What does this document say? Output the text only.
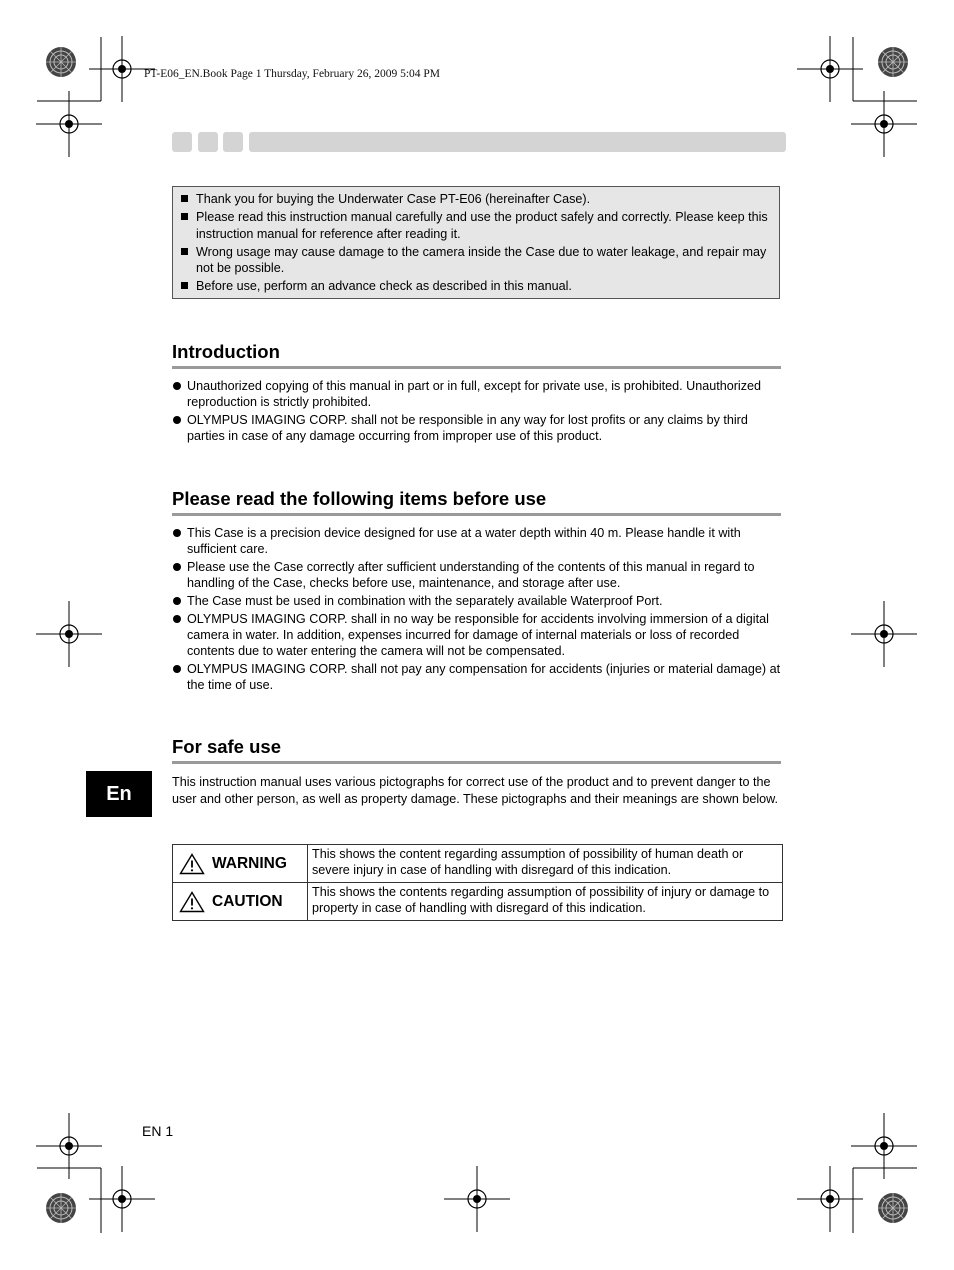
PT-E06_EN.Book Page 1 Thursday, February 26, 2009 5:04 PM
Thank you for buying the Underwater Case PT-E06 (hereinafter Case).
Please read this instruction manual carefully and use the product safely and correctly. Please keep this instruction manual for reference after reading it.
Wrong usage may cause damage to the camera inside the Case due to water leakage, and repair may not be possible.
Before use, perform an advance check as described in this manual.
Introduction
Unauthorized copying of this manual in part or in full, except for private use, is prohibited. Unauthorized reproduction is strictly prohibited.
OLYMPUS IMAGING CORP. shall not be responsible in any way for lost profits or any claims by third parties in case of any damage occurring from improper use of this product.
Please read the following items before use
This Case is a precision device designed for use at a water depth within 40 m. Please handle it with sufficient care.
Please use the Case correctly after sufficient understanding of the contents of this manual in regard to handling of the Case, checks before use, maintenance, and storage after use.
The Case must be used in combination with the separately available Waterproof Port.
OLYMPUS IMAGING CORP. shall in no way be responsible for accidents involving immersion of a digital camera in water. In addition, expenses incurred for damage of internal materials or loss of recorded contents due to water entering the camera will not be compensated.
OLYMPUS IMAGING CORP. shall not pay any compensation for accidents (injuries or material damage) at the time of use.
For safe use
This instruction manual uses various pictographs for correct use of the product and to prevent danger to the user and other person, as well as property damage. These pictographs and their meanings are shown below.
En
WARNING	This shows the content regarding assumption of possibility of human death or severe injury in case of handling with disregard of this indication.

CAUTION	This shows the contents regarding assumption of possibility of injury or damage to property in case of handling with disregard of this indication.
EN 1
